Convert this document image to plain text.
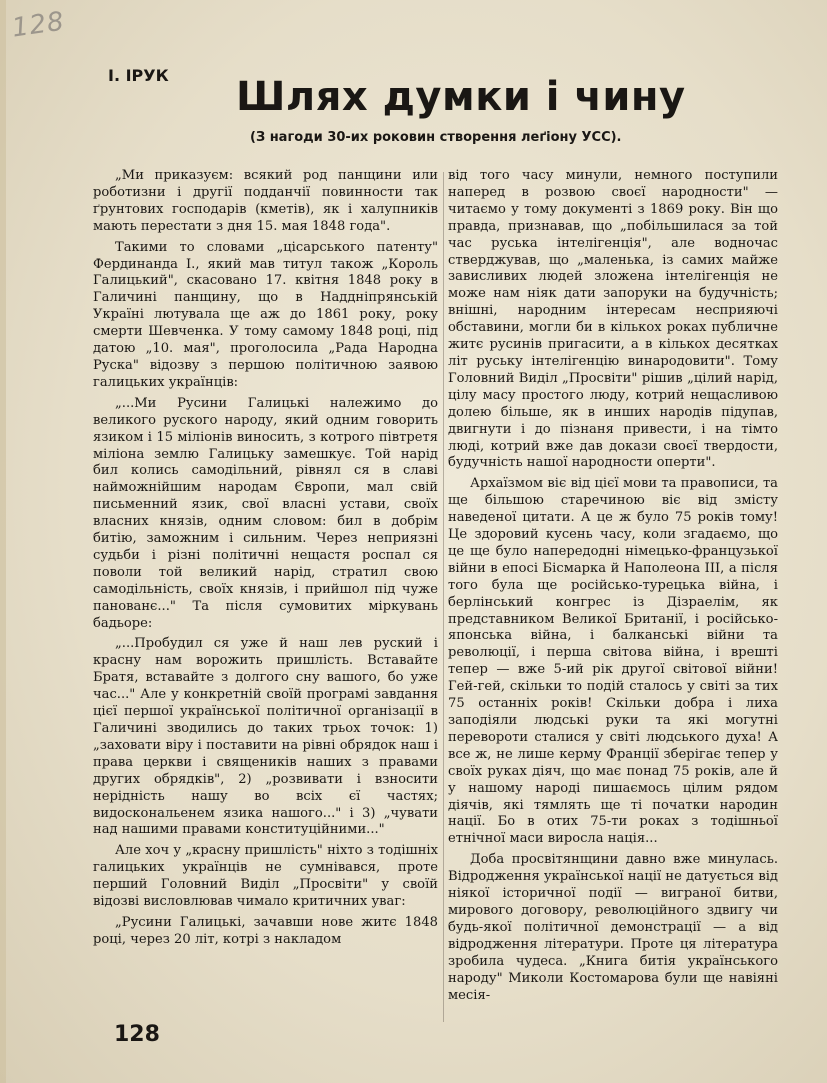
128
І. ІРУК Шлях думки і чину
(З нагоди 30-их роковин створення леґіону УСС).

„Ми приказуєм: всякий род панщини или роботизни і другії подданчії повинности так ґрунтових господарів (кметів), як і халупників мають перестати з дня 15. мая 1848 года".

Такими то словами „цісарського патенту" Фердинанда І., який мав титул також „Король Галицький", скасовано 17. квітня 1848 року в Галичині панщину, що в Наддніпрянській Україні лютувала ще аж до 1861 року, року смерти Шевченка. У тому самому 1848 році, під датою „10. мая", проголосила „Рада Народна Руска" відозву з першою політичною заявою галицьких українців:

„...Ми Русини Галицькі належимо до великого руского народу, який одним говорить язиком і 15 міліонів виносить, з котрого півтретя міліона землю Галицьку замешкує. Той нарід бил колись самодільний, рівнял ся в славі найможнійшим народам Європи, мал свій письменний язик, свої власні устави, своїх власних князів, одним словом: бил в добрім битію, заможним і сильним. Через неприязні судьби і різні політичні нещастя роспал ся поволи той великий нарід, стратил свою самодільність, своїх князів, і прийшол під чуже панованє..." Та після сумовитих міркувань бадьоре:

„...Пробудил ся уже й наш лев руский і красну нам ворожить пришлість. Вставайте Братя, вставайте з долгого сну вашого, бо уже час..." Але у конкретній своїй програмі завдання цієї першої української політичної організації в Галичині зводились до таких трьох точок: 1) „заховати віру і поставити на рівні обрядок наш і права церкви і священиків наших з правами других обрядків", 2) „розвивати і взносити нерідність нашу во всіх єї частях; видоскональенем язика нашого..." і 3) „чувати над нашими правами конституційними..."

Але хоч у „красну пришлість" ніхто з тодішніх галицьких українців не сумнівався, проте перший Головний Виділ „Просвіти" у своїй відозві висловлював чимало критичних уваг:

„Русини Галицькі, зачавши нове житє 1848 році, через 20 літ, котрі з накладом

від того часу минули, немного поступили наперед в розвою своєї народности" — читаємо у тому документі з 1869 року. Він що правда, признавав, що „побільшилася за той час руська інтелігенція", але водночас стверджував, що „маленька, із самих майже зависливих людей зложена інтелігенція не може нам ніяк дати запоруки на будучність; внішні, народним інтересам несприяючі обставини, могли би в кількох роках публичне житє русинів пригасити, а в кількох десятках літ руську інтелігенцію винародовити". Тому Головний Виділ „Просвіти" рішив „цілий нарід, цілу масу простого люду, котрий нещасливою долею більше, як в инших народів підупав, двигнути і до пізнаня привести, і на тімто люді, котрий вже дав докази своєї твердости, будучність нашої народности оперти".

Архаїзмом віє від цієї мови та правописи, та ще більшою старечиною віє від змісту наведеної цитати. А це ж було 75 років тому! Це здоровий кусень часу, коли згадаємо, що це ще було напередодні німецько-французької війни в епосі Бісмарка й Наполеона III, а після того була ще російсько-турецька війна, і берлінський конгрес із Дізраелім, як представником Великої Британії, і російсько-японська війна, і балканські війни та революції, і перша світова війна, і врешті тепер — вже 5-ий рік другої світової війни! Гей-гей, скільки то подій сталось у світі за тих 75 останніх років! Скільки добра і лиха заподіяли людські руки та які могутні перевороти сталися у світі людського духа! А все ж, не лише керму Франції зберігає тепер у своїх руках діяч, що має понад 75 років, але й у нашому народі пишаємось цілим рядом діячів, які тямлять ще ті початки народин нації. Бо в отих 75-ти роках з тодішньої етнічної маси виросла нація...

Доба просвітянщини давно вже минулась. Відродження української нації не датується від ніякої історичної події — виграної битви, мирового договору, революційного здвигу чи будь-якої політичної демонстрації — а від відродження літератури. Проте ця література зробила чудеса. „Книга битія українського народу" Миколи Костомарова були ще навіяні месія-

128
